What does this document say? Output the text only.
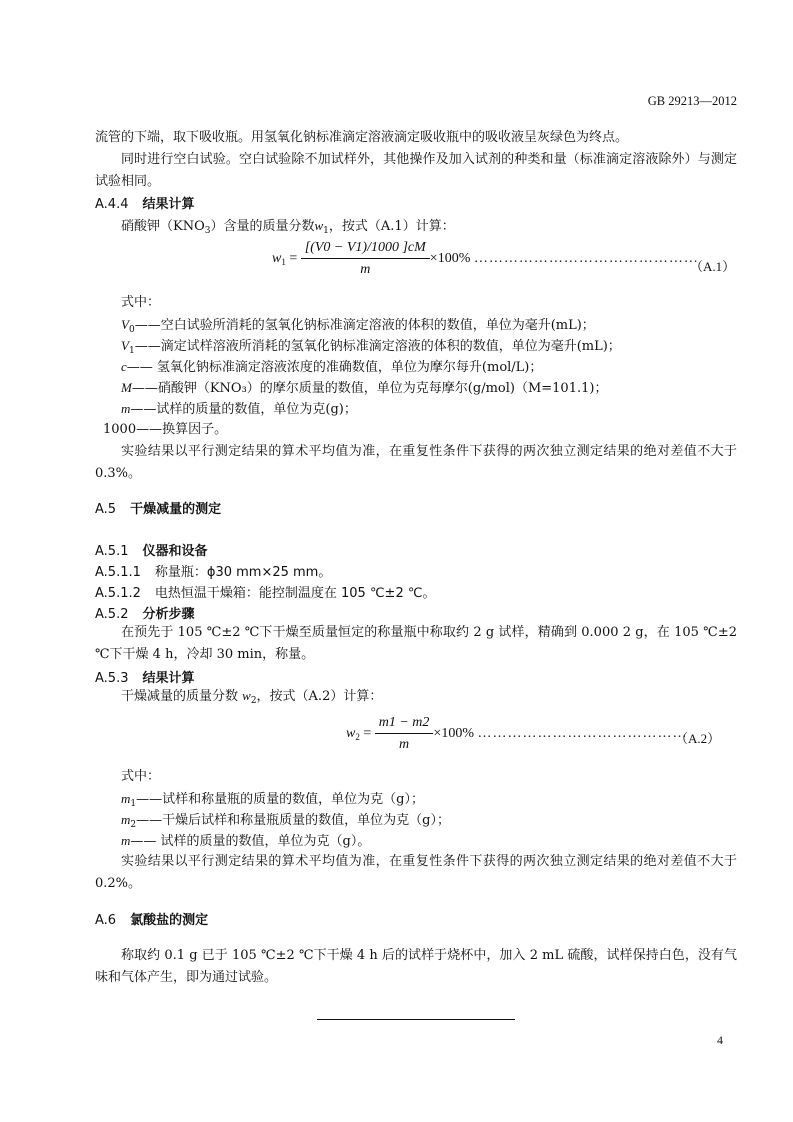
GB 29213—2012
流管的下端，取下吸收瓶。用氢氧化钠标准滴定溶液滴定吸收瓶中的吸收液呈灰绿色为终点。
同时进行空白试验。空白试验除不加试样外，其他操作及加入试剂的种类和量（标准滴定溶液除外）与测定试验相同。
A.4.4 结果计算
硝酸钾$(KNO_3)$含量的质量分数$w_1$，按式（A.1）计算：
$w_1 = \frac{[(V0 - V1)/1000 ]cM}{m} \times 100\%$ ………………………………………
（A.1）
式中：
$V_0——$空白试验所消耗的氢氧化钠标准滴定溶液的体积的数值，单位为毫升(mL)；
$V_1——$滴定试样溶液所消耗的氢氧化钠标准滴定溶液的体积的数值，单位为毫升(mL)；
c—— 氢氧化钠标准滴定溶液浓度的准确数值，单位为摩尔每升(mol/L)；
M——硝酸钾（KNO₃）的摩尔质量的数值，单位为克每摩尔(g/mol)（M=101.1)；
m——试样的质量的数值，单位为克(g)；
1000——换算因子。
实验结果以平行测定结果的算术平均值为准，在重复性条件下获得的两次独立测定结果的绝对差值不大于0.3%。
A.5 干燥减量的测定
A.5.1 仪器和设备
A.5.1.1 称量瓶：ϕ30 mm×25 mm。
A.5.1.2 电热恒温干燥箱：能控制温度在 105 ℃±2 ℃。
A.5.2 分析步骤
在预先于 105 ℃±2 ℃下干燥至质量恒定的称量瓶中称取约 2 g 试样，精确到 0.000 2 g，在 105 ℃±2 ℃下干燥 4 h，冷却 30 min，称量。
A.5.3 结果计算
干燥减量的质量分数 $w_2$，按式（A.2）计算：
$w_2 = \frac{m1 - m2}{m} \times 100\%$ ……………………………………
（A.2）
式中：
$m_1——$试样和称量瓶的质量的数值，单位为克（g）；
$m_2——$干燥后试样和称量瓶质量的数值，单位为克（g）；
m—— 试样的质量的数值，单位为克（g）。
实验结果以平行测定结果的算术平均值为准，在重复性条件下获得的两次独立测定结果的绝对差值不大于 0.2%。
A.6 氯酸盐的测定
称取约 0.1 g 已于 105 ℃±2 ℃下干燥 4 h 后的试样于烧杯中，加入 2 mL 硫酸，试样保持白色，没有气味和气体产生，即为通过试验。
4
